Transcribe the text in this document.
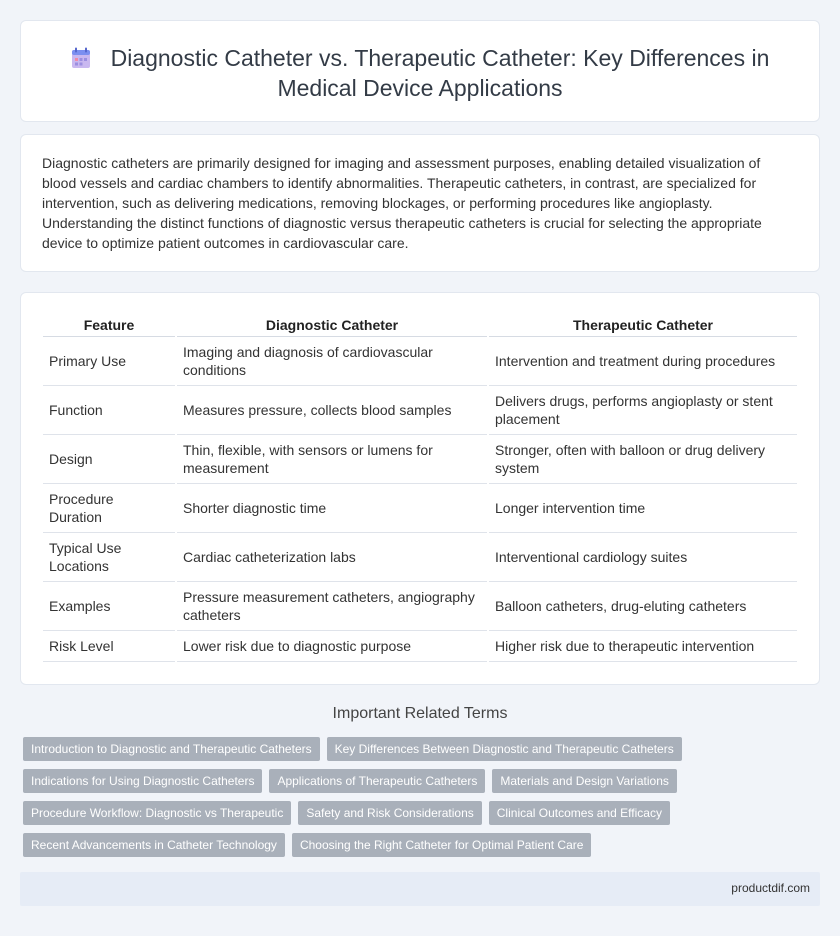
Diagnostic Catheter vs. Therapeutic Catheter: Key Differences in Medical Device Applications

Diagnostic catheters are primarily designed for imaging and assessment purposes, enabling detailed visualization of blood vessels and cardiac chambers to identify abnormalities. Therapeutic catheters, in contrast, are specialized for intervention, such as delivering medications, removing blockages, or performing procedures like angioplasty. Understanding the distinct functions of diagnostic versus therapeutic catheters is crucial for selecting the appropriate device to optimize patient outcomes in cardiovascular care.

Feature	Diagnostic Catheter	Therapeutic Catheter
Primary Use	Imaging and diagnosis of cardiovascular conditions	Intervention and treatment during procedures
Function	Measures pressure, collects blood samples	Delivers drugs, performs angioplasty or stent placement
Design	Thin, flexible, with sensors or lumens for measurement	Stronger, often with balloon or drug delivery system
Procedure Duration	Shorter diagnostic time	Longer intervention time
Typical Use Locations	Cardiac catheterization labs	Interventional cardiology suites
Examples	Pressure measurement catheters, angiography catheters	Balloon catheters, drug-eluting catheters
Risk Level	Lower risk due to diagnostic purpose	Higher risk due to therapeutic intervention
Important Related Terms
Introduction to Diagnostic and Therapeutic Catheters	Key Differences Between Diagnostic and Therapeutic Catheters
Indications for Using Diagnostic Catheters	Applications of Therapeutic Catheters	Materials and Design Variations
Procedure Workflow: Diagnostic vs Therapeutic	Safety and Risk Considerations	Clinical Outcomes and Efficacy
Recent Advancements in Catheter Technology	Choosing the Right Catheter for Optimal Patient Care
productdif.com
